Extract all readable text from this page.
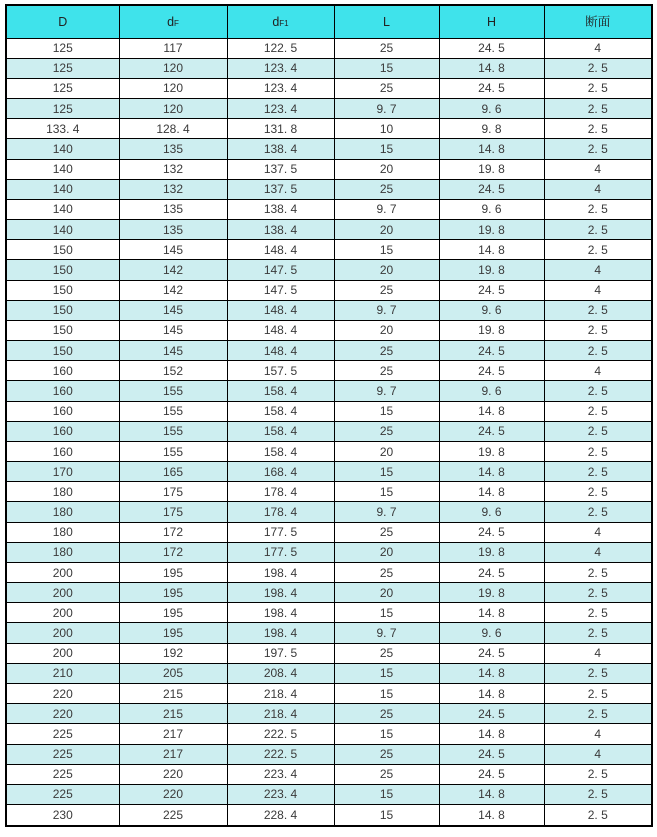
D	dF	dF1	L	H	断面
125	117	122. 5	25	24. 5	4
125	120	123. 4	15	14. 8	2. 5
125	120	123. 4	25	24. 5	2. 5
125	120	123. 4	9. 7	9. 6	2. 5
133. 4	128. 4	131. 8	10	9. 8	2. 5
140	135	138. 4	15	14. 8	2. 5
140	132	137. 5	20	19. 8	4
140	132	137. 5	25	24. 5	4
140	135	138. 4	9. 7	9. 6	2. 5
140	135	138. 4	20	19. 8	2. 5
150	145	148. 4	15	14. 8	2. 5
150	142	147. 5	20	19. 8	4
150	142	147. 5	25	24. 5	4
150	145	148. 4	9. 7	9. 6	2. 5
150	145	148. 4	20	19. 8	2. 5
150	145	148. 4	25	24. 5	2. 5
160	152	157. 5	25	24. 5	4
160	155	158. 4	9. 7	9. 6	2. 5
160	155	158. 4	15	14. 8	2. 5
160	155	158. 4	25	24. 5	2. 5
160	155	158. 4	20	19. 8	2. 5
170	165	168. 4	15	14. 8	2. 5
180	175	178. 4	15	14. 8	2. 5
180	175	178. 4	9. 7	9. 6	2. 5
180	172	177. 5	25	24. 5	4
180	172	177. 5	20	19. 8	4
200	195	198. 4	25	24. 5	2. 5
200	195	198. 4	20	19. 8	2. 5
200	195	198. 4	15	14. 8	2. 5
200	195	198. 4	9. 7	9. 6	2. 5
200	192	197. 5	25	24. 5	4
210	205	208. 4	15	14. 8	2. 5
220	215	218. 4	15	14. 8	2. 5
220	215	218. 4	25	24. 5	2. 5
225	217	222. 5	15	14. 8	4
225	217	222. 5	25	24. 5	4
225	220	223. 4	25	24. 5	2. 5
225	220	223. 4	15	14. 8	2. 5
230	225	228. 4	15	14. 8	2. 5
